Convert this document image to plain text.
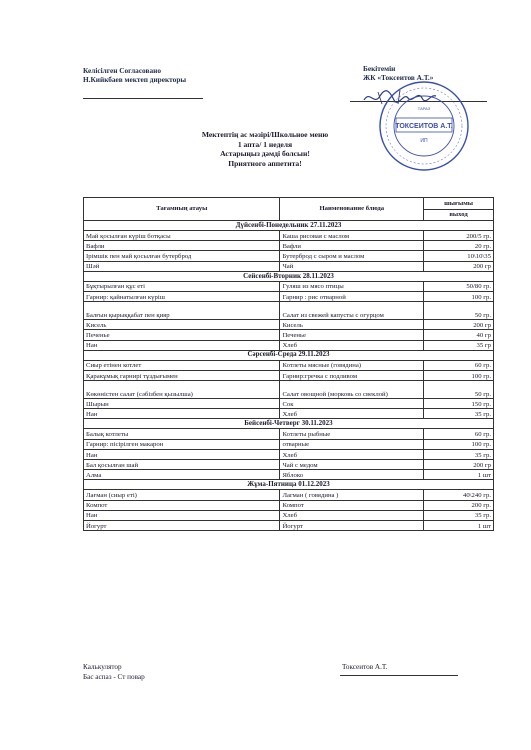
Келісілген Согласовано
Н.Кийкбаев мектеп директоры
Бекітемін
ЖК «Токсеитов А.Т.»
ТОКСЕИТОВ А.Т.
ИП
ТАРАЗ
Мектептің ас мәзірі/Школьное меню
1 апта/ 1 неделя
Астарыңыз дәмді болсын!
Приятного аппетита!
Тағамның атауы	Наименование блюда	шығымы
		выход
Дүйсенбі-Понедельник 27.11.2023		
Май қосылған күріш ботқасы	Каша рисовая с маслом	200/5 гр.
Вафли	Вафли	20 гр.
Ірімшік пен май қосылған бутерброд	Бутерброд с сыром и маслом	10\10\35
Шәй	Чай	200 гр
Сейсенбі-Вторник 28.11.2023		
Бұқтырылған құс еті	Гуляш из мясо птицы	50/80 гр.
Гарнир: қайнатылған күріш	Гарнир : рис отварной	100 гр.
Балғын қырыққабат пен қияр	Салат из свежей капусты с огурцом	50 гр.
Кисель	Кисель	200 гр
Печенье	Печенье	40 гр
Нан	Хлеб	35 гр
Сәрсенбі-Среда 29.11.2023		
Сиыр етінен котлет	Котлеты мясные (говядина)	60 гр.
Қаракұмық гарнирі тұздығымен	Гарнир:гречка с подливом	100 гр.
Көкөністен салат (сәбізбен қызылша)	Салат овощной (морковь со свеклой)	50 гр.
Шырын	Сок	150 гр.
Нан	Хлеб	35 гр.
Бейсенбі-Четверг 30.11.2023		
Балық котлеты	Котлеты рыбные	60 гр.
Гарнир: пісірілген макарон	отварные	100 гр.
Нан	Хлеб	35 гр.
Бал қосылған шай	Чай с медом	200 гр
Алма	Яблоко	1 шт
Жұма-Пятница 01.12.2023		
Лағман (сиыр еті)	Лагман ( говядина )	40\240 гр.
Компот	Компот	200 гр.
Нан	Хлеб	35 гр.
Йогурт	Йогурт	1 шт
Калькулятор
Бас аспаз - Ст повар
Токсеитов А.Т.
